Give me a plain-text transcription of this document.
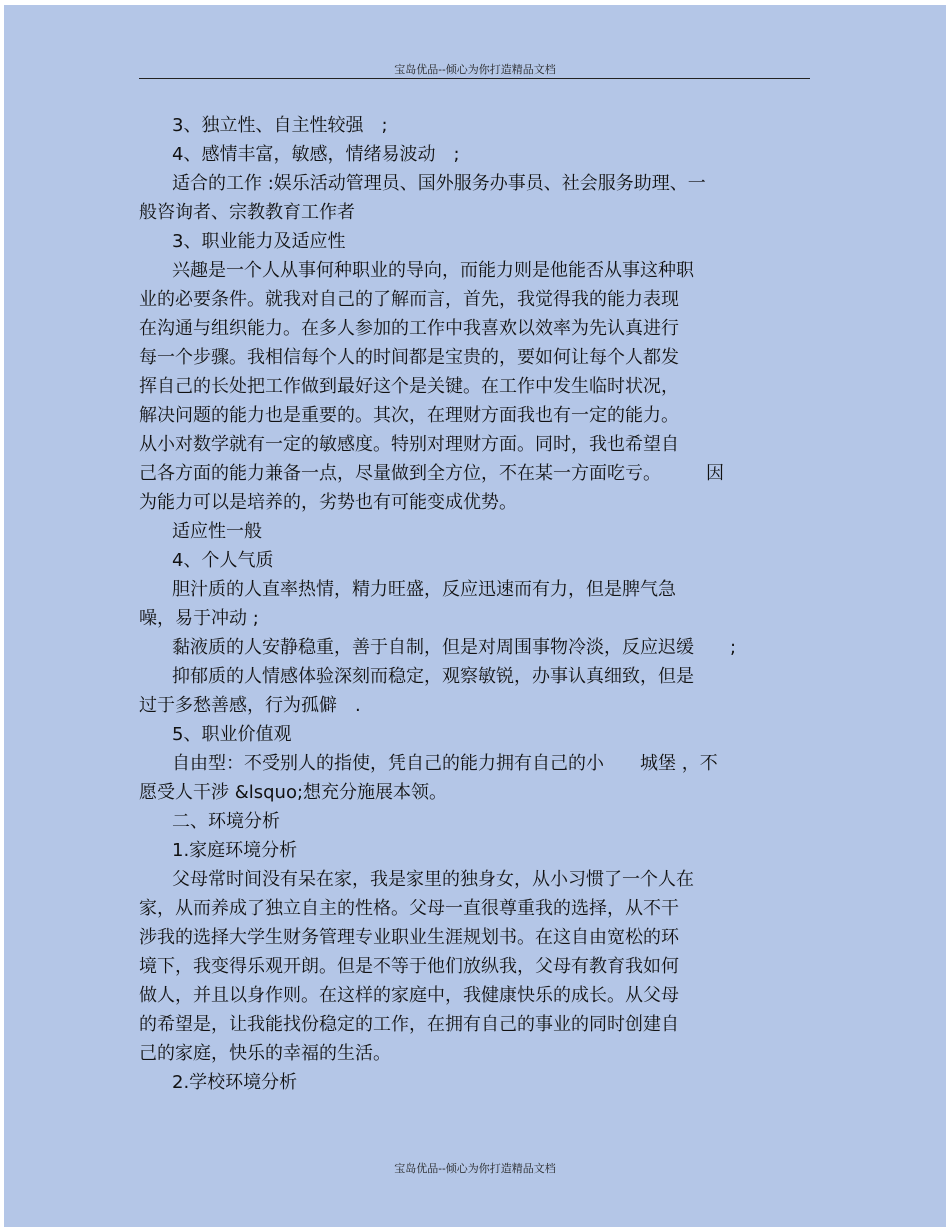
宝岛优品--倾心为你打造精品文档
3、独立性、自主性较强　;
4、感情丰富，敏感，情绪易波动　;
适合的工作 :娱乐活动管理员、国外服务办事员、社会服务助理、一
般咨询者、宗教教育工作者
3、职业能力及适应性
兴趣是一个人从事何种职业的导向，而能力则是他能否从事这种职
业的必要条件。就我对自己的了解而言，首先，我觉得我的能力表现
在沟通与组织能力。在多人参加的工作中我喜欢以效率为先认真进行
每一个步骤。我相信每个人的时间都是宝贵的，要如何让每个人都发
挥自己的长处把工作做到最好这个是关键。在工作中发生临时状况，
解决问题的能力也是重要的。其次，在理财方面我也有一定的能力。
从小对数学就有一定的敏感度。特别对理财方面。同时，我也希望自
己各方面的能力兼备一点，尽量做到全方位，不在某一方面吃亏。　　　因
为能力可以是培养的，劣势也有可能变成优势。
适应性一般
4、个人气质
胆汁质的人直率热情，精力旺盛，反应迅速而有力，但是脾气急
噪，易于冲动 ;
黏液质的人安静稳重，善于自制，但是对周围事物冷淡，反应迟缓　　;
抑郁质的人情感体验深刻而稳定，观察敏锐，办事认真细致，但是
过于多愁善感，行为孤僻　.
5、职业价值观
自由型：不受别人的指使，凭自己的能力拥有自己的小　　城堡 ，不
愿受人干涉 &lsquo;想充分施展本领。
二、环境分析
1.家庭环境分析
父母常时间没有呆在家，我是家里的独身女，从小习惯了一个人在
家，从而养成了独立自主的性格。父母一直很尊重我的选择，从不干
涉我的选择大学生财务管理专业职业生涯规划书。在这自由宽松的环
境下，我变得乐观开朗。但是不等于他们放纵我，父母有教育我如何
做人，并且以身作则。在这样的家庭中，我健康快乐的成长。从父母
的希望是，让我能找份稳定的工作，在拥有自己的事业的同时创建自
己的家庭，快乐的幸福的生活。
2.学校环境分析
宝岛优品--倾心为你打造精品文档
